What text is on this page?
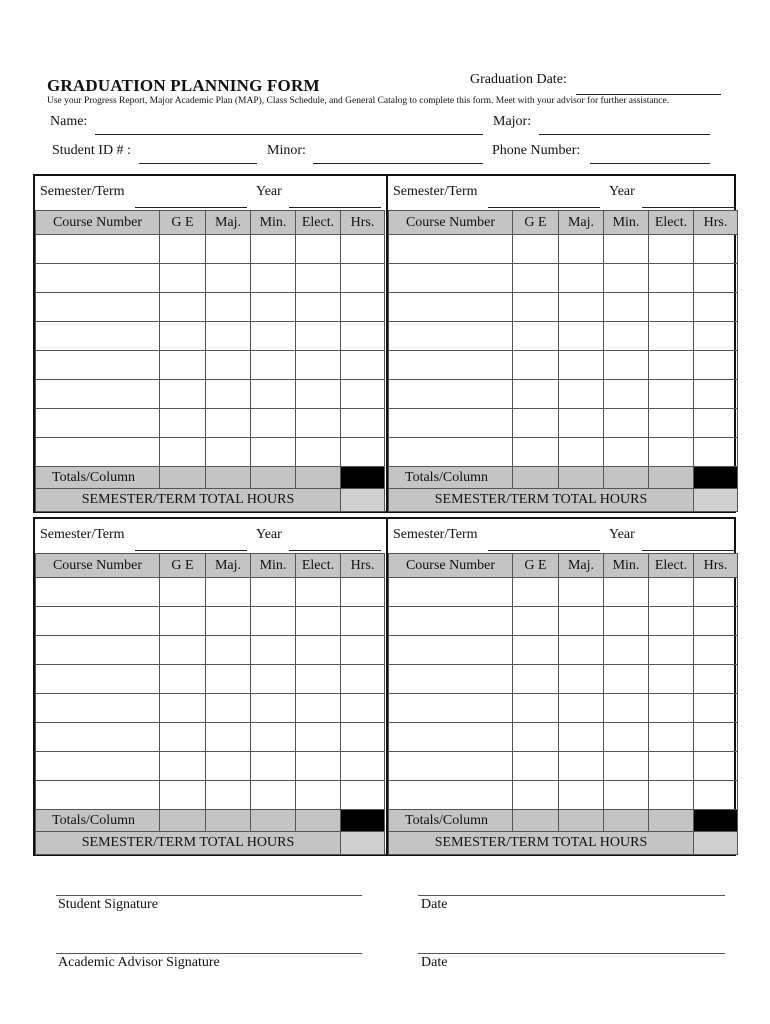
GRADUATION PLANNING FORM	Graduation Date:
Use your Progress Report, Major Academic Plan (MAP), Class Schedule, and General Catalog to complete this form. Meet with your advisor for further assistance.
Name:	Major:
Student ID # :	Minor:	Phone Number:
Semester/Term	Year
Course Number	G E	Maj.	Min.	Elect.	Hrs.

Totals/Column					
SEMESTER/TERM TOTAL HOURS					
Semester/Term	Year
Course Number	G E	Maj.	Min.	Elect.	Hrs.

Totals/Column					
SEMESTER/TERM TOTAL HOURS					
Semester/Term	Year
Course Number	G E	Maj.	Min.	Elect.	Hrs.

Totals/Column					
SEMESTER/TERM TOTAL HOURS					
Semester/Term	Year
Course Number	G E	Maj.	Min.	Elect.	Hrs.

Totals/Column					
SEMESTER/TERM TOTAL HOURS					
Student Signature	Date
Academic Advisor Signature	Date
